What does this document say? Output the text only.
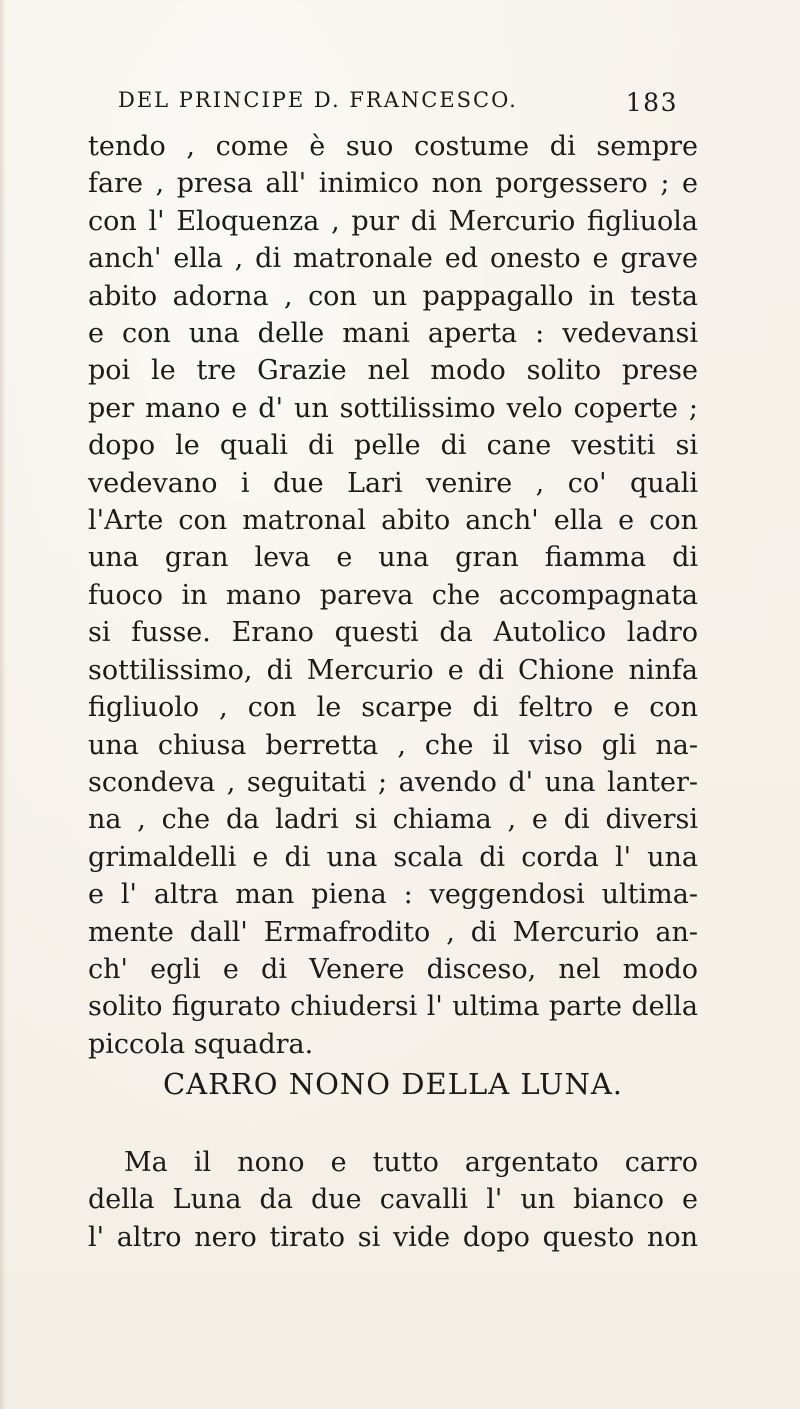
DEL PRINCIPE D. FRANCESCO.	183
tendo , come è suo costume di sempre
fare , presa all' inimico non porgessero ; e
con l' Eloquenza , pur di Mercurio figliuola
anch' ella , di matronale ed onesto e grave
abito adorna , con un pappagallo in testa
e con una delle mani aperta : vedevansi
poi le tre Grazie nel modo solito prese
per mano e d' un sottilissimo velo coperte ;
dopo le quali di pelle di cane vestiti si
vedevano i due Lari venire , co' quali
l'Arte con matronal abito anch' ella e con
una gran leva e una gran fiamma di
fuoco in mano pareva che accompagnata
si fusse. Erano questi da Autolico ladro
sottilissimo, di Mercurio e di Chione ninfa
figliuolo , con le scarpe di feltro e con
una chiusa berretta , che il viso gli na-
scondeva , seguitati ; avendo d' una lanter-
na , che da ladri si chiama , e di diversi
grimaldelli e di una scala di corda l' una
e l' altra man piena : veggendosi ultima-
mente dall' Ermafrodito , di Mercurio an-
ch' egli e di Venere disceso, nel modo
solito figurato chiudersi l' ultima parte della
piccola squadra.
CARRO NONO DELLA LUNA.
Ma il nono e tutto argentato carro
della Luna da due cavalli l' un bianco e
l' altro nero tirato si vide dopo questo non
